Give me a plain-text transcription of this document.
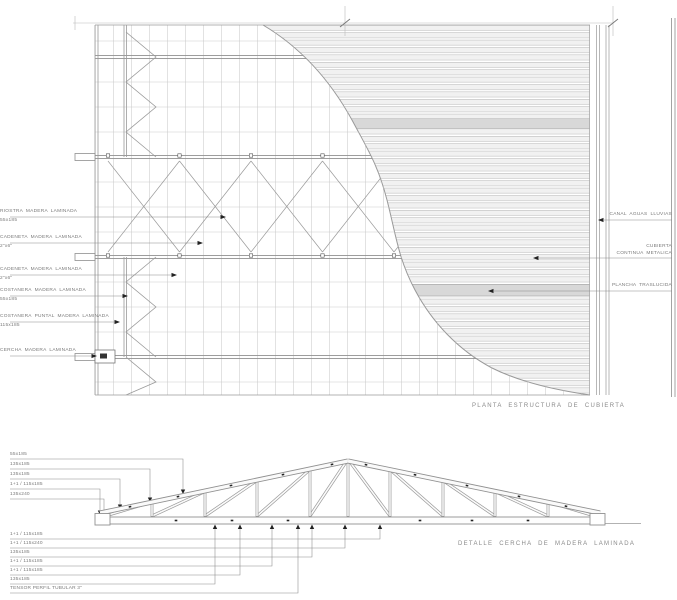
RIOSTRA MADERA LAMINADA
55x185
CADENETA MADERA LAMINADA
2"x6"
CADENETA MADERA LAMINADA
2"x6"
COSTANERA MADERA LAMINADA
55x185
COSTANERA PUNTAL MADERA LAMINADA
115x185
CERCHA MADERA LAMINADA
CANAL AGUAS LLUVIAS
CUBIERTA
CONTINUA METALICA
PLANCHA TRASLUCIDA
PLANTA ESTRUCTURA DE CUBIERTA
DETALLE CERCHA DE MADERA LAMINADA
55x185
135x185
135x185
1+1 / 115x185
135x240
1+1 / 115x185
1+1 / 115x240
135x185
1+1 / 115x185
1+1 / 115x185
135x185
TENSOR PERFIL TUBULAR 3"
